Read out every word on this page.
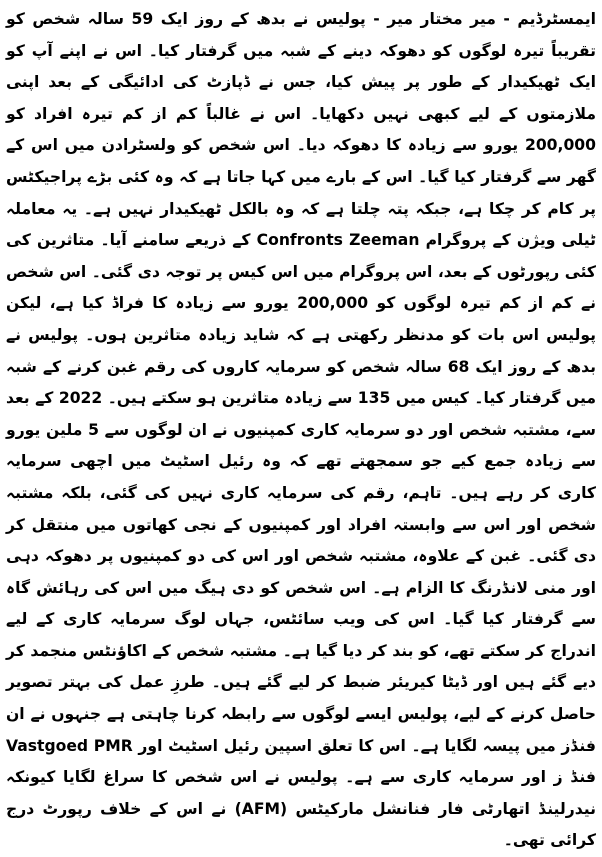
ایمسٹرڈیم - میر مختار میر - پولیس نے بدھ کے روز ایک 59 سالہ شخص کو تقریباً تیرہ لوگوں کو دھوکہ دینے کے شبہ میں گرفتار کیا۔ اس نے اپنے آپ کو ایک ٹھیکیدار کے طور پر پیش کیا، جس نے ڈپازٹ کی ادائیگی کے بعد اپنی ملازمتوں کے لیے کبھی نہیں دکھایا۔ اس نے غالباً کم از کم تیرہ افراد کو 200,000 یورو سے زیادہ کا دھوکہ دیا۔ اس شخص کو ولسٹرادن میں اس کے گھر سے گرفتار کیا گیا۔ اس کے بارے میں کہا جاتا ہے کہ وہ کئی بڑے پراجیکٹس پر کام کر چکا ہے، جبکہ پتہ چلتا ہے کہ وہ بالکل ٹھیکیدار نہیں ہے۔ یہ معاملہ ٹیلی ویژن کے پروگرام Confronts Zeeman کے ذریعے سامنے آیا۔ متاثرین کی کئی رپورٹوں کے بعد، اس پروگرام میں اس کیس پر توجہ دی گئی۔ اس شخص نے کم از کم تیرہ لوگوں کو 200,000 یورو سے زیادہ کا فراڈ کیا ہے، لیکن پولیس اس بات کو مدنظر رکھتی ہے کہ شاید زیادہ متاثرین ہوں۔ پولیس نے بدھ کے روز ایک 68 سالہ شخص کو سرمایہ کاروں کی رقم غبن کرنے کے شبہ میں گرفتار کیا۔ کیس میں 135 سے زیادہ متاثرین ہو سکتے ہیں۔ 2022 کے بعد سے، مشتبہ شخص اور دو سرمایہ کاری کمپنیوں نے ان لوگوں سے 5 ملین یورو سے زیادہ جمع کیے جو سمجھتے تھے کہ وہ رئیل اسٹیٹ میں اچھی سرمایہ کاری کر رہے ہیں۔ تاہم، رقم کی سرمایہ کاری نہیں کی گئی، بلکہ مشتبہ شخص اور اس سے وابستہ افراد اور کمپنیوں کے نجی کھاتوں میں منتقل کر دی گئی۔ غبن کے علاوہ، مشتبہ شخص اور اس کی دو کمپنیوں پر دھوکہ دہی اور منی لانڈرنگ کا الزام ہے۔ اس شخص کو دی ہیگ میں اس کی رہائش گاہ سے گرفتار کیا گیا۔ اس کی ویب سائٹس، جہاں لوگ سرمایہ کاری کے لیے اندراج کر سکتے تھے، کو بند کر دیا گیا ہے۔ مشتبہ شخص کے اکاؤنٹس منجمد کر دیے گئے ہیں اور ڈیٹا کیریئر ضبط کر لیے گئے ہیں۔ طرزِ عمل کی بہتر تصویر حاصل کرنے کے لیے، پولیس ایسے لوگوں سے رابطہ کرنا چاہتی ہے جنہوں نے ان فنڈز میں پیسہ لگایا ہے۔ اس کا تعلق اسپین رئیل اسٹیٹ اور Vastgoed PMR فنڈ ز اور سرمایہ کاری سے ہے۔ پولیس نے اس شخص کا سراغ لگایا کیونکہ نیدرلینڈ اتھارٹی فار فنانشل مارکیٹس (AFM) نے اس کے خلاف رپورٹ درج کرائی تھی۔
